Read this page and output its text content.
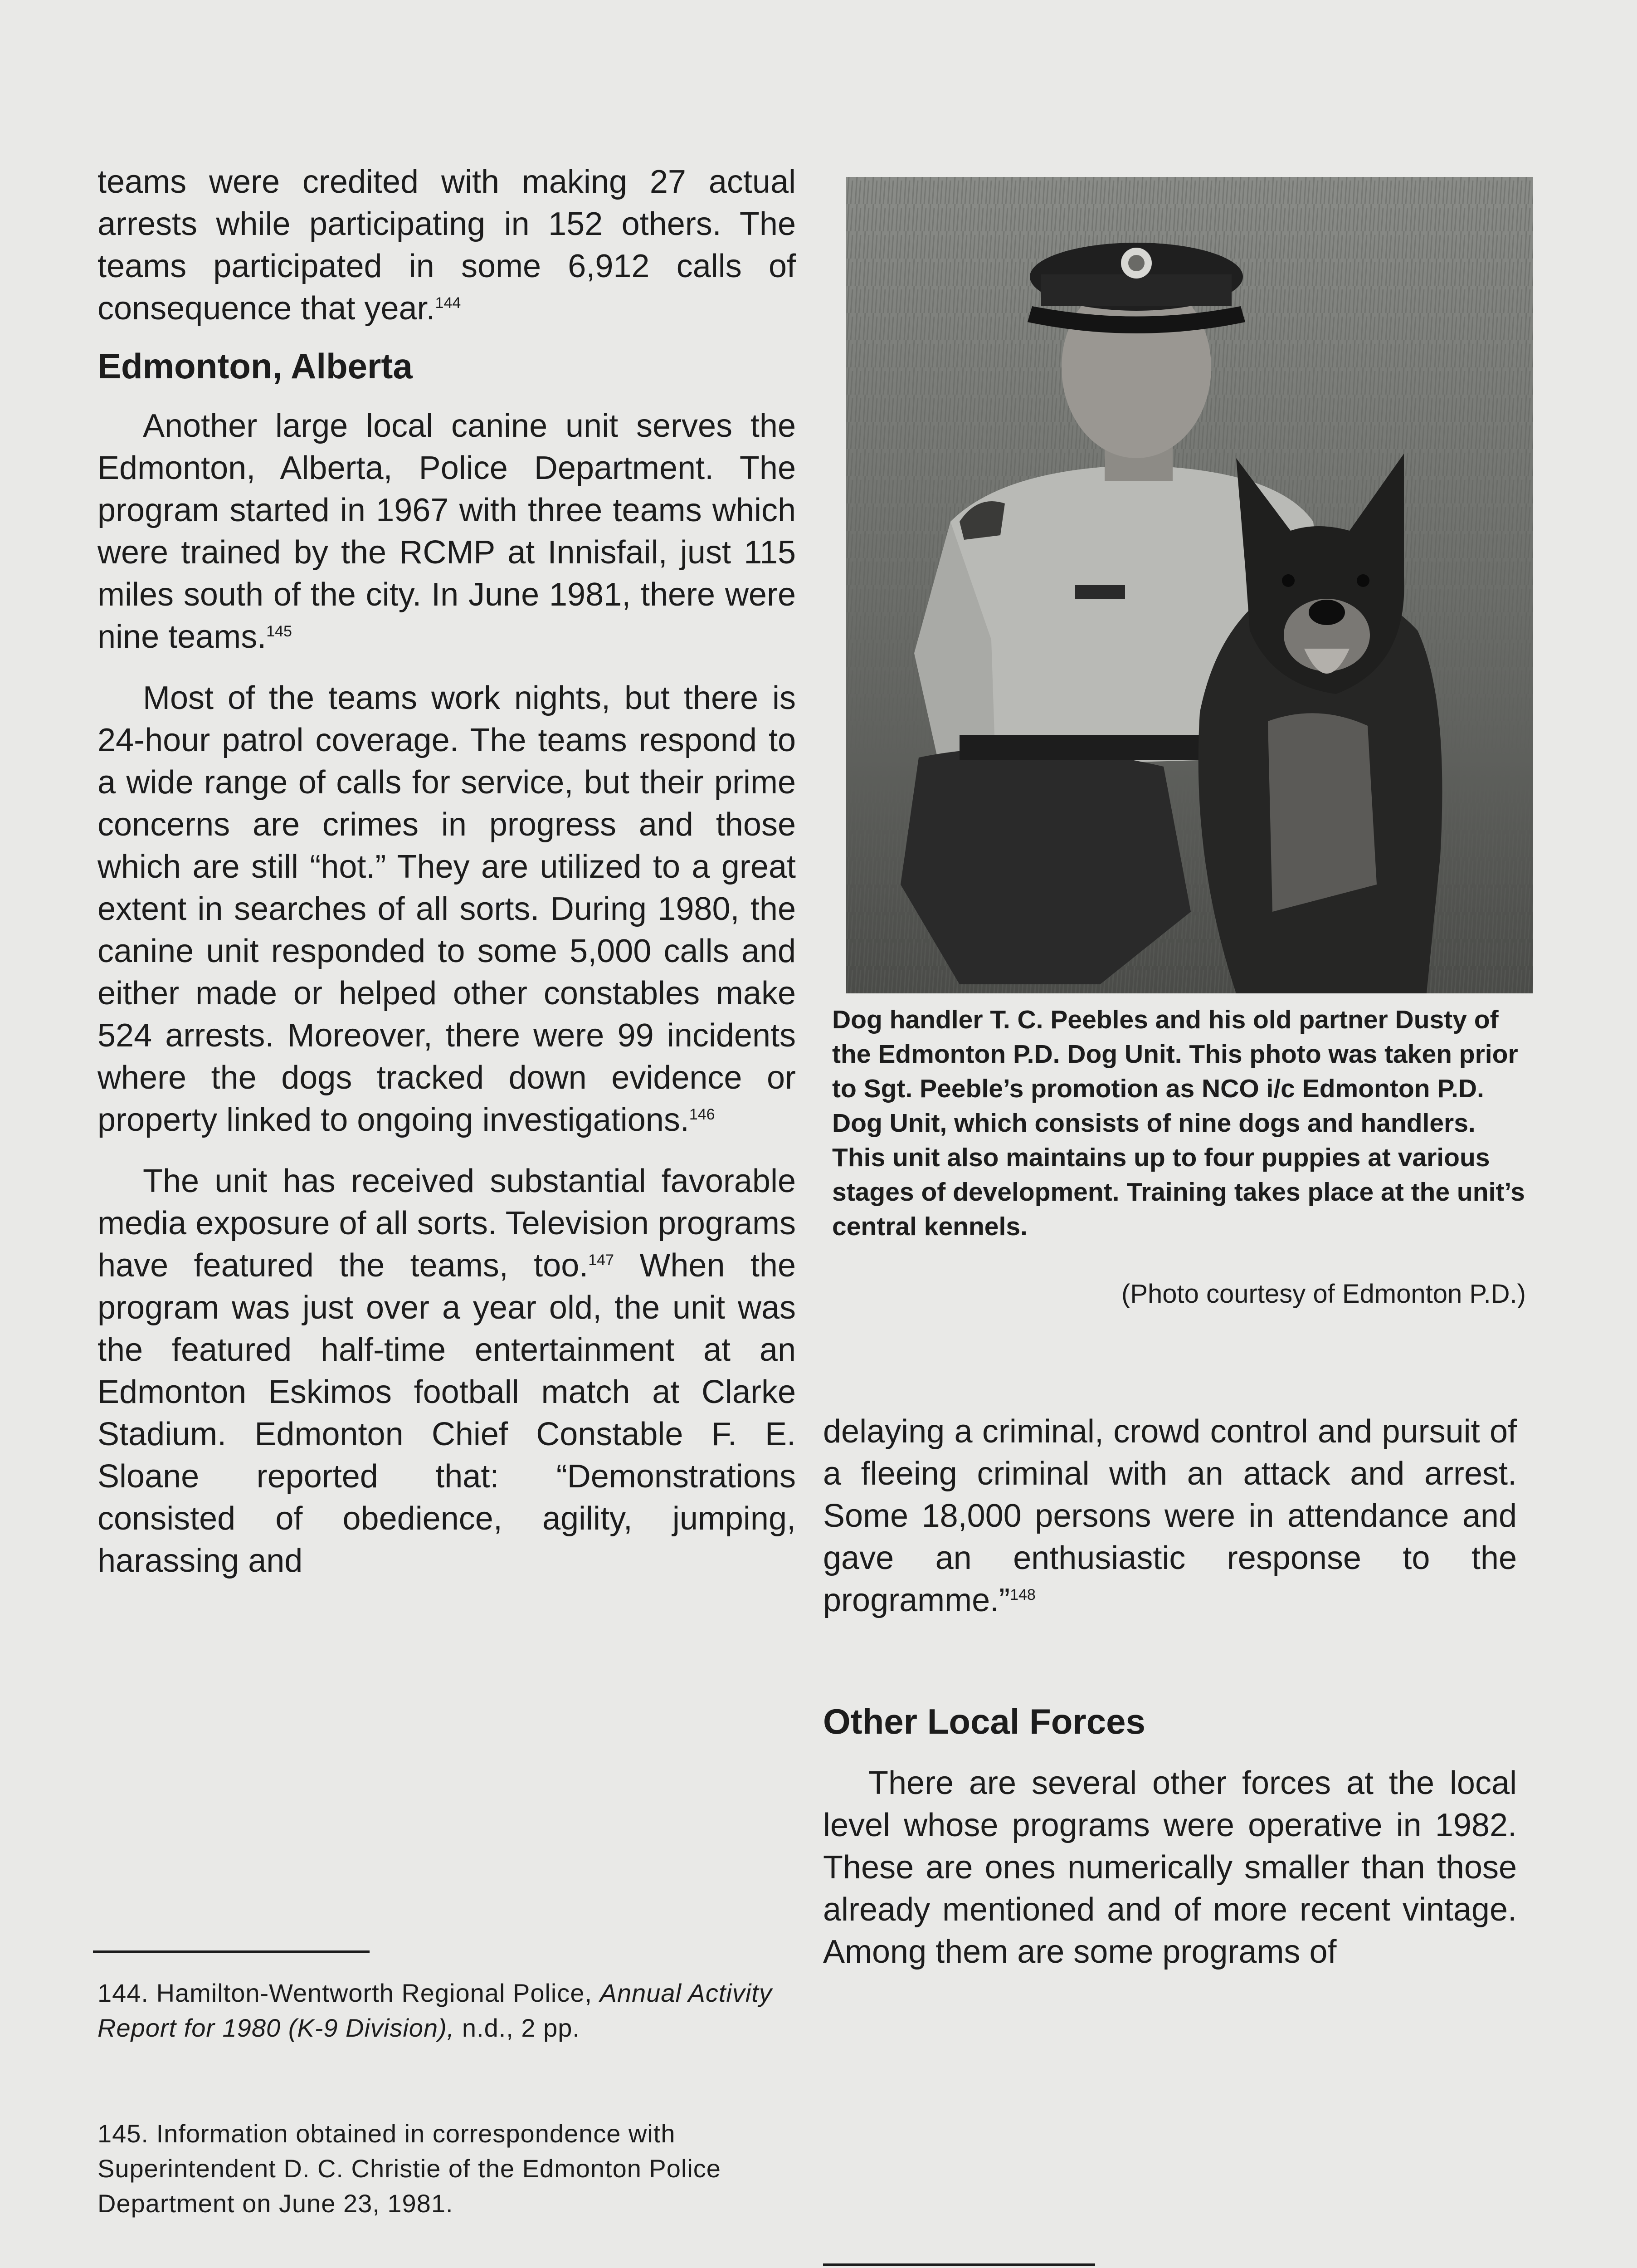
teams were credited with making 27 actual arrests while participating in 152 others. The teams participated in some 6,912 calls of consequence that year.$^{144}$

Edmonton, Alberta

Another large local canine unit serves the Edmonton, Alberta, Police Department. The program started in 1967 with three teams which were trained by the RCMP at Innisfail, just 115 miles south of the city. In June 1981, there were nine teams.$^{145}$

Most of the teams work nights, but there is 24-hour patrol coverage. The teams respond to a wide range of calls for service, but their prime concerns are crimes in progress and those which are still “hot.” They are utilized to a great extent in searches of all sorts. During 1980, the canine unit responded to some 5,000 calls and either made or helped other constables make 524 arrests. Moreover, there were 99 incidents where the dogs tracked down evidence or property linked to ongoing investigations.$^{146}$

The unit has received substantial favorable media exposure of all sorts. Television programs have featured the teams, too.$^{147}$ When the program was just over a year old, the unit was the featured half-time entertainment at an Edmonton Eskimos football match at Clarke Stadium. Edmonton Chief Constable F. E. Sloane reported that: “Demonstrations consisted of obedience, agility, jumping, harassing and

144. Hamilton-Wentworth Regional Police, Annual Activity Report for 1980 (K-9 Division), n.d., 2 pp.

145. Information obtained in correspondence with Superintendent D. C. Christie of the Edmonton Police Department on June 23, 1981.

Dog handler T. C. Peebles and his old partner Dusty of the Edmonton P.D. Dog Unit. This photo was taken prior to Sgt. Peeble’s promotion as NCO i/c Edmonton P.D. Dog Unit, which consists of nine dogs and handlers. This unit also maintains up to four puppies at various stages of development. Training takes place at the unit’s central kennels.

(Photo courtesy of Edmonton P.D.)

delaying a criminal, crowd control and pursuit of a fleeing criminal with an attack and arrest. Some 18,000 persons were in attendance and gave an enthusiastic response to the programme.”$^{148}$

Other Local Forces

There are several other forces at the local level whose programs were operative in 1982. These are ones numerically smaller than those already mentioned and of more recent vintage. Among them are some programs of
